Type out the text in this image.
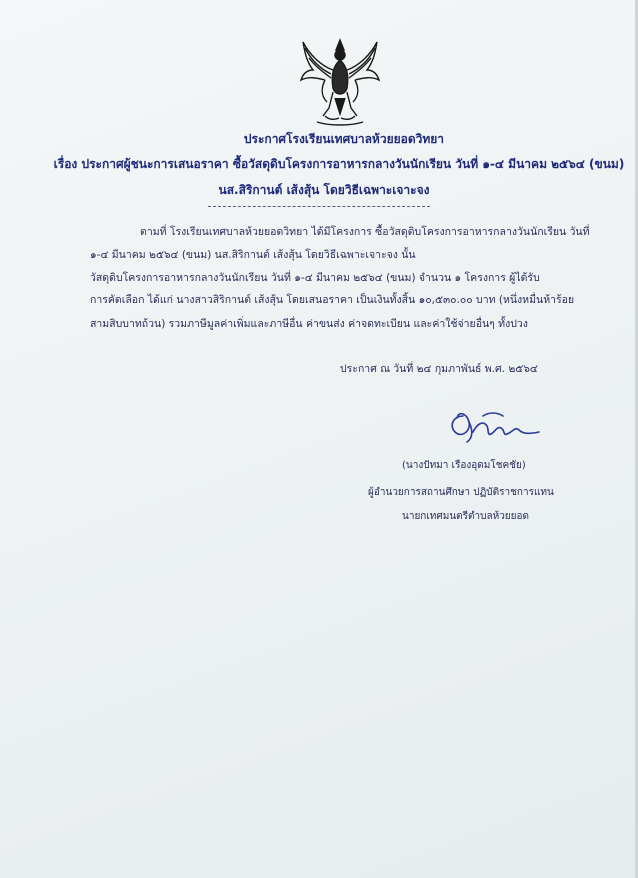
ประกาศโรงเรียนเทศบาลห้วยยอดวิทยา
เรื่อง ประกาศผู้ชนะการเสนอราคา ซื้อวัสดุดิบโครงการอาหารกลางวันนักเรียน วันที่ ๑-๔ มีนาคม ๒๕๖๔ (ขนม)
นส.สิริกานต์ เส้งสุ้น โดยวิธีเฉพาะเจาะจง
ตามที่ โรงเรียนเทศบาลห้วยยอดวิทยา ได้มีโครงการ ซื้อวัสดุดิบโครงการอาหารกลางวันนักเรียน วันที่
๑-๔ มีนาคม ๒๕๖๔ (ขนม) นส.สิริกานต์ เส้งสุ้น โดยวิธีเฉพาะเจาะจง นั้น
วัสดุดิบโครงการอาหารกลางวันนักเรียน วันที่ ๑-๔ มีนาคม ๒๕๖๔ (ขนม) จำนวน ๑ โครงการ ผู้ได้รับ
การคัดเลือก ได้แก่ นางสาวสิริกานต์ เส้งสุ้น โดยเสนอราคา เป็นเงินทั้งสิ้น ๑๐,๕๓๐.๐๐ บาท (หนึ่งหมื่นห้าร้อย
สามสิบบาทถ้วน) รวมภาษีมูลค่าเพิ่มและภาษีอื่น ค่าขนส่ง ค่าจดทะเบียน และค่าใช้จ่ายอื่นๆ ทั้งปวง
ประกาศ ณ วันที่ ๒๔ กุมภาพันธ์ พ.ศ. ๒๕๖๔
(นางปัทมา เรืองอุดมโชคชัย)
ผู้อำนวยการสถานศึกษา ปฏิบัติราชการแทน
นายกเทศมนตรีตำบลห้วยยอด
